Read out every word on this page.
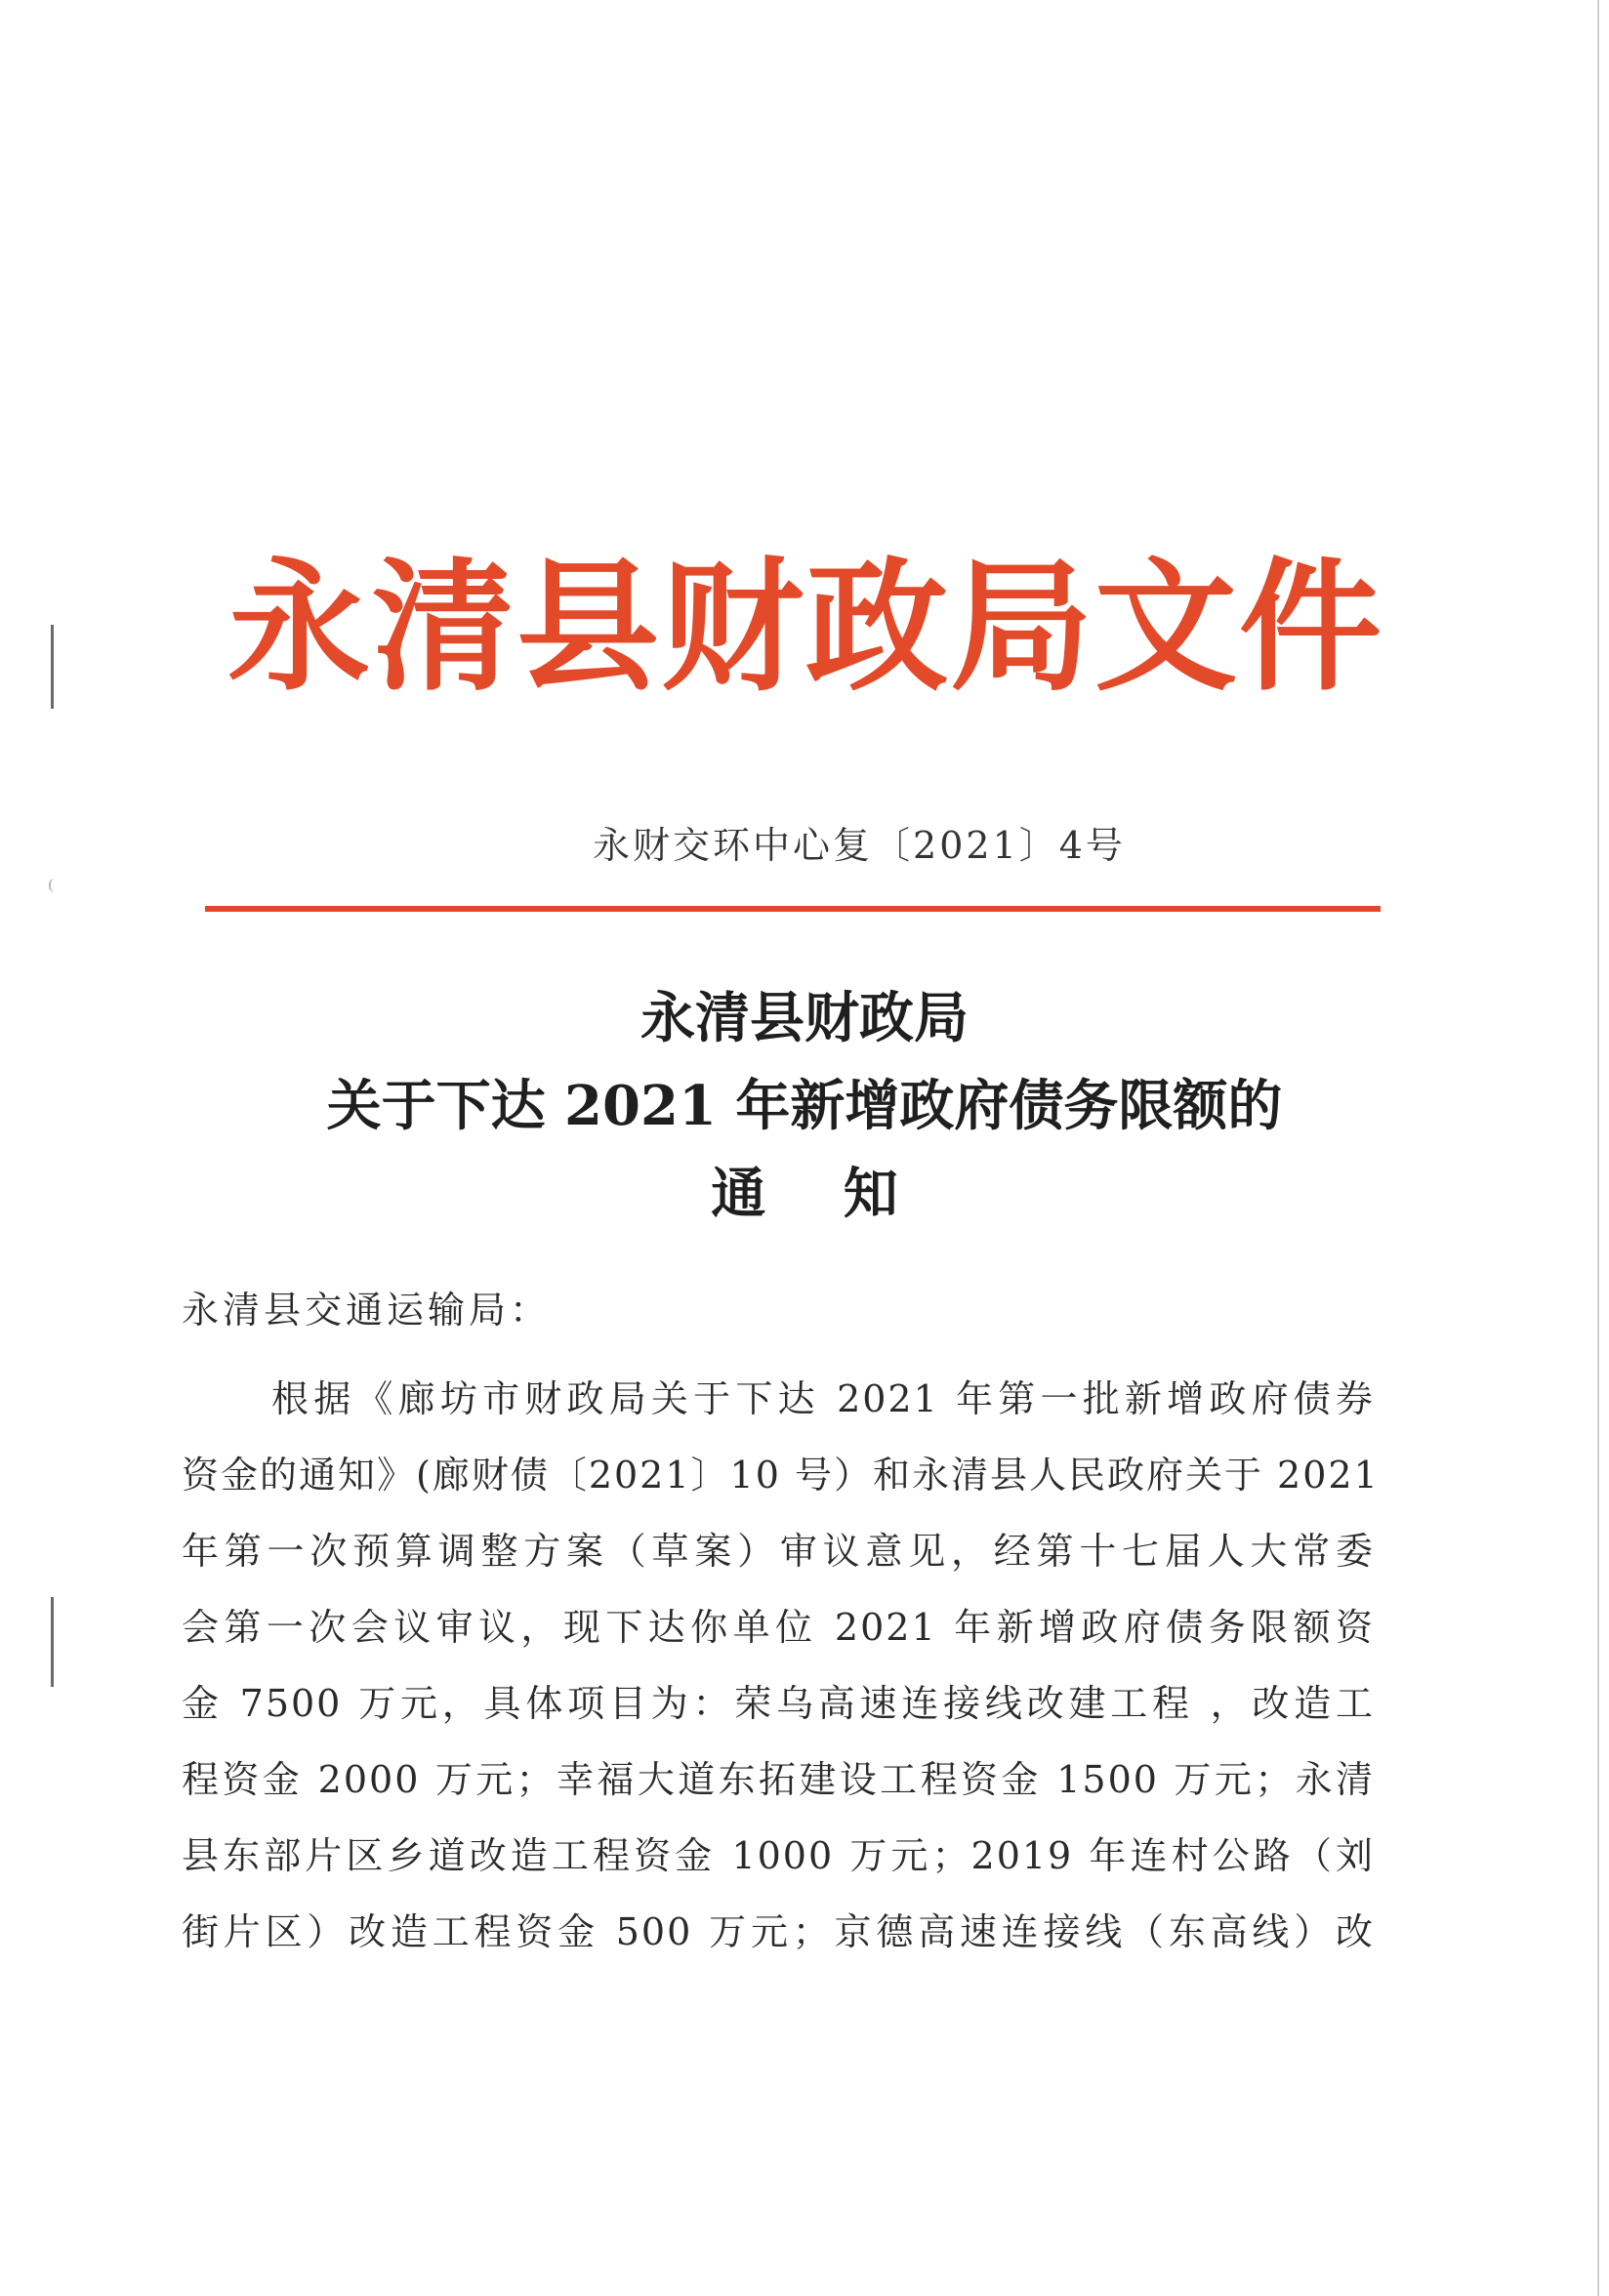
永清县财政局文件
永财交环中心复〔2021〕4号
永清县财政局
关于下达 2021 年新增政府债务限额的
通 知
永清县交通运输局：
根据《廊坊市财政局关于下达 2021 年第一批新增政府债券
资金的通知》(廊财债〔2021〕10 号）和永清县人民政府关于 2021
年第一次预算调整方案（草案）审议意见，经第十七届人大常委
会第一次会议审议，现下达你单位 2021 年新增政府债务限额资
金 7500 万元，具体项目为：荣乌高速连接线改建工程 ，改造工
程资金 2000 万元；幸福大道东拓建设工程资金 1500 万元；永清
县东部片区乡道改造工程资金 1000 万元；2019 年连村公路（刘
街片区）改造工程资金 500 万元；京德高速连接线（东高线）改
